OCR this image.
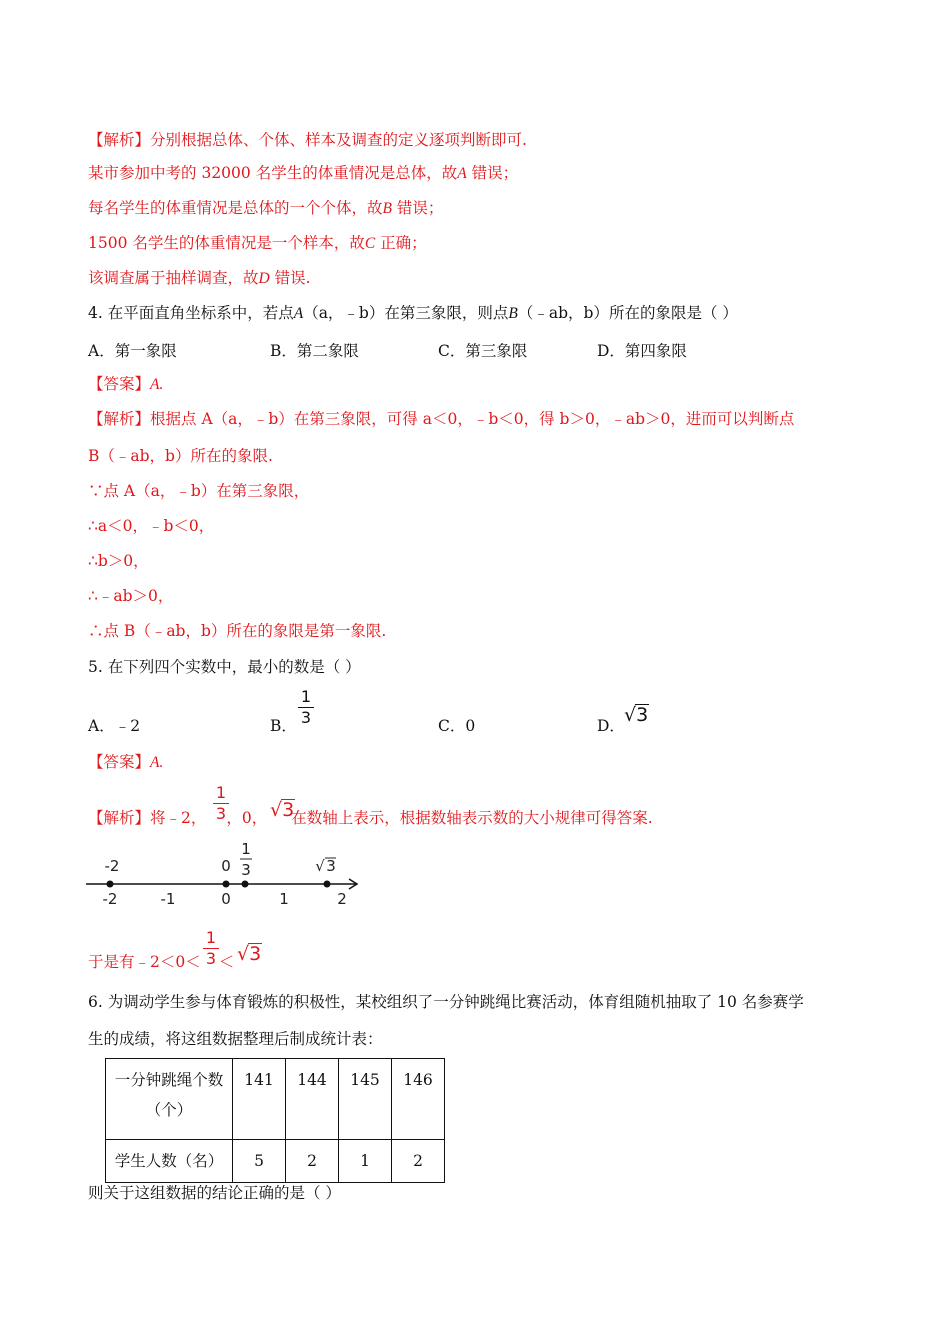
【解析】分别根据总体、个体、样本及调查的定义逐项判断即可.
某市参加中考的 32000 名学生的体重情况是总体，故A 错误；
每名学生的体重情况是总体的一个个体，故B 错误；
1500 名学生的体重情况是一个样本，故C 正确；
该调查属于抽样调查，故D 错误.
4. 在平面直角坐标系中，若点A（a，﹣b）在第三象限，则点B（﹣ab，b）所在的象限是（ ）
A．第一象限	B．第二象限	C．第三象限	D．第四象限
【答案】A.
【解析】根据点 A（a，﹣b）在第三象限，可得 a＜0，﹣b＜0，得 b＞0，﹣ab＞0，进而可以判断点
B（﹣ab，b）所在的象限.
∵点 A（a，﹣b）在第三象限，
∴a＜0，﹣b＜0，
∴b＞0，
∴﹣ab＞0，
∴点 B（﹣ab，b）所在的象限是第一象限.
5. 在下列四个实数中，最小的数是（ ）
A．﹣2	B．
1
3	C．0	D． √3
【答案】A.
【解析】将﹣2， ，0， 在数轴上表示，根据数轴表示数的大小规律可得答案.
1
3 √3
-2	-1	0	1	2
-2	0
1
3	√ 3
于是有﹣2＜0＜ ＜
1
3 √3
6. 为调动学生参与体育锻炼的积极性，某校组织了一分钟跳绳比赛活动，体育组随机抽取了 10 名参赛学
生的成绩，将这组数据整理后制成统计表：
一分钟跳绳个数
（个）	141	144	145	146
学生人数（名）	5	2	1	2
则关于这组数据的结论正确的是（ ）
